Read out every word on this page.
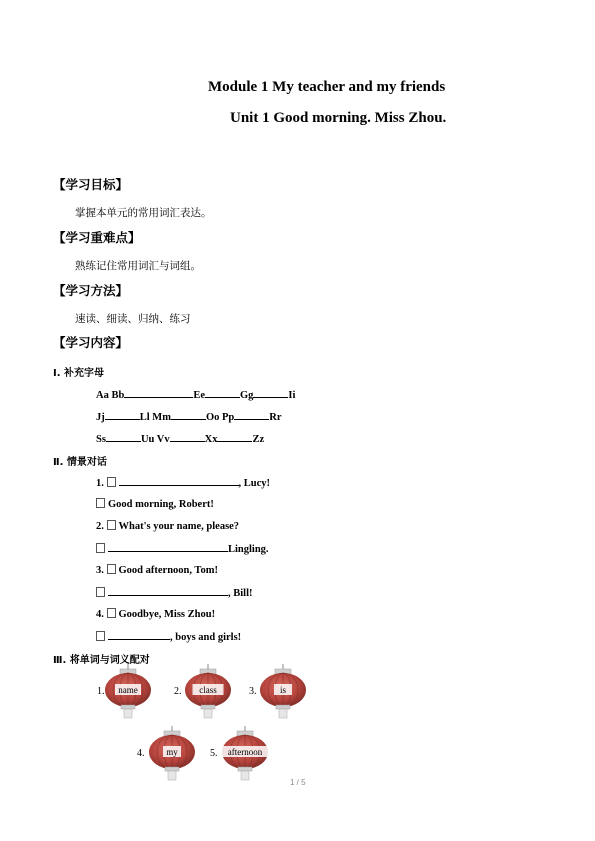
Module 1 My teacher and my friends
Unit 1 Good morning. Miss Zhou.
【学习目标】
掌握本单元的常用词汇表达。
【学习重难点】
熟练记住常用词汇与词组。
【学习方法】
速读、细读、归纳、练习
【学习内容】
Ⅰ. 补充字母
Aa Bb	Ee	Gg	Ii
Jj	Ll Mm	Oo Pp	Rr
Ss	Uu Vv	Xx	Zz
Ⅱ. 情景对话
1.	, Lucy!
Good morning, Robert!
2. What's your name, please?
Lingling.
3. Good afternoon, Tom!
, Bill!
4. Goodbye, Miss Zhou!
, boys and girls!
Ⅲ. 将单词与词义配对
1. name	2. class	3.	is
4. my	5. afternoon
1 / 5
